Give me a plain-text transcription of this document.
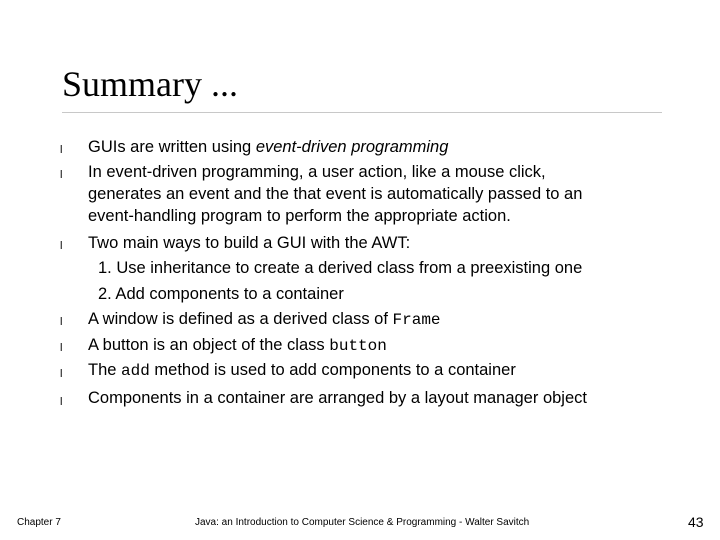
Summary ...
l GUIs are written using event-driven programming
l In event-driven programming, a user action, like a mouse click,
generates an event and the that event is automatically passed to an
event-handling program to perform the appropriate action.
l Two main ways to build a GUI with the AWT:
1. Use inheritance to create a derived class from a preexisting one
2. Add components to a container
l A window is defined as a derived class of Frame
l A button is an object of the class button
l The add method is used to add components to a container
l Components in a container are arranged by a layout manager object
Chapter 7	Java: an Introduction to Computer Science & Programming - Walter Savitch	43
